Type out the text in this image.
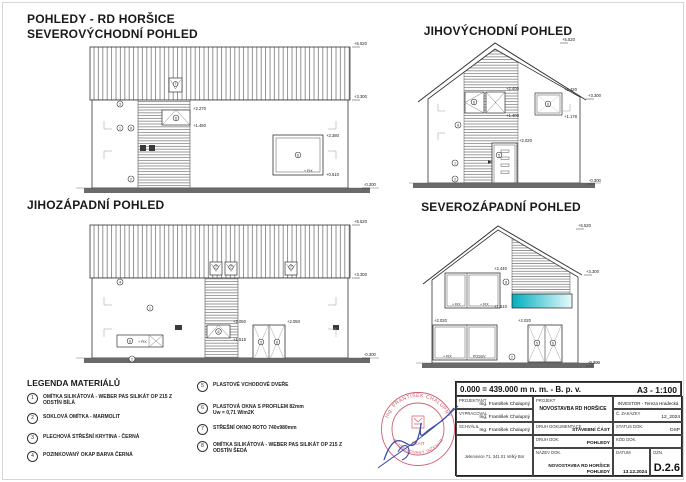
POHLEDY - RD HORŠICE
SEVEROVÝCHODNÍ POHLED	JIHOVÝCHODNÍ POHLED
JIHOZÁPADNÍ POHLED	SEVEROZÁPADNÍ POHLED
3
1	8
2
6
6
7
+ FIX
+5.520
+3.300
+2.270
+1.450
+2.380
+0.610
-0.300
8
1
2
6	6
5
+5.520
+2.400
+1.400
+2.420
+1.178
+3.300
+2.020
-0.300
4
1
2
6
6
5	6
7	7	7
+ FIX
+5.520
+3.300
+2.050
+1.515
+2.050
-0.300
8
2
5	6
+ FIX	+ FIX
+ FIX	POSUV
+5.520
+3.300
+2.440
+1.510
+2.020	+2.020
-0.300
LEGENDA MATERIÁLŮ
1	OMÍTKA SILIKÁTOVÁ - WEBER PAS SILIKÁT OP 215 Z
ODSTÍN BÍLÁ
2	SOKLOVÁ OMÍTKA - MARMOLIT
3	PLECHOVÁ STŘEŠNÍ KRYTINA - ČERNÁ
4	POZINKOVANÝ OKAP BARVA ČERNÁ
5	PLASTOVÉ VCHODOVÉ DVEŘE
6	PLASTOVÁ OKNA S PROFILEM 82mm
Uw = 0,71 W/m2K
7	STŘEŠNÍ OKNO ROTO 740x980mm
8	OMÍTKA SILIKÁTOVÁ - WEBER PAS SILIKÁT OP 215 Z
ODSTÍN ŠEDÁ
0.000 = 439.000 m n. m. - B. p. v.	A3 - 1:100
PROJEKTANT
Ing. František Chalupný
VYPRACOVAL
Ing. František Chalupný
SCHVÁLIL
Ing. František Chalupný
Jetenovice 71, 341 01 Velký Bor
PROJEKT
NOVOSTAVBA RD HORŠICE
INVESTOR - Tereza Hradecká
Č. ZAKÁZKY
12_2024
DRUH DOKUMENTACE
STAVEBNÍ ČÁST
STATUS DOK.
DSP
DRUH DOK.
POHLEDY
KÓD DOK.
NÁZEV DOK.
NOVOSTAVBA RD HORŠICE
POHLEDY
DATUM
13.12.2024
OZN.
D.2.6
Ing. FRANTIŠEK CHALUPNÝ
AUTORIZOVANÝ INŽENÝR
ČKAIT
